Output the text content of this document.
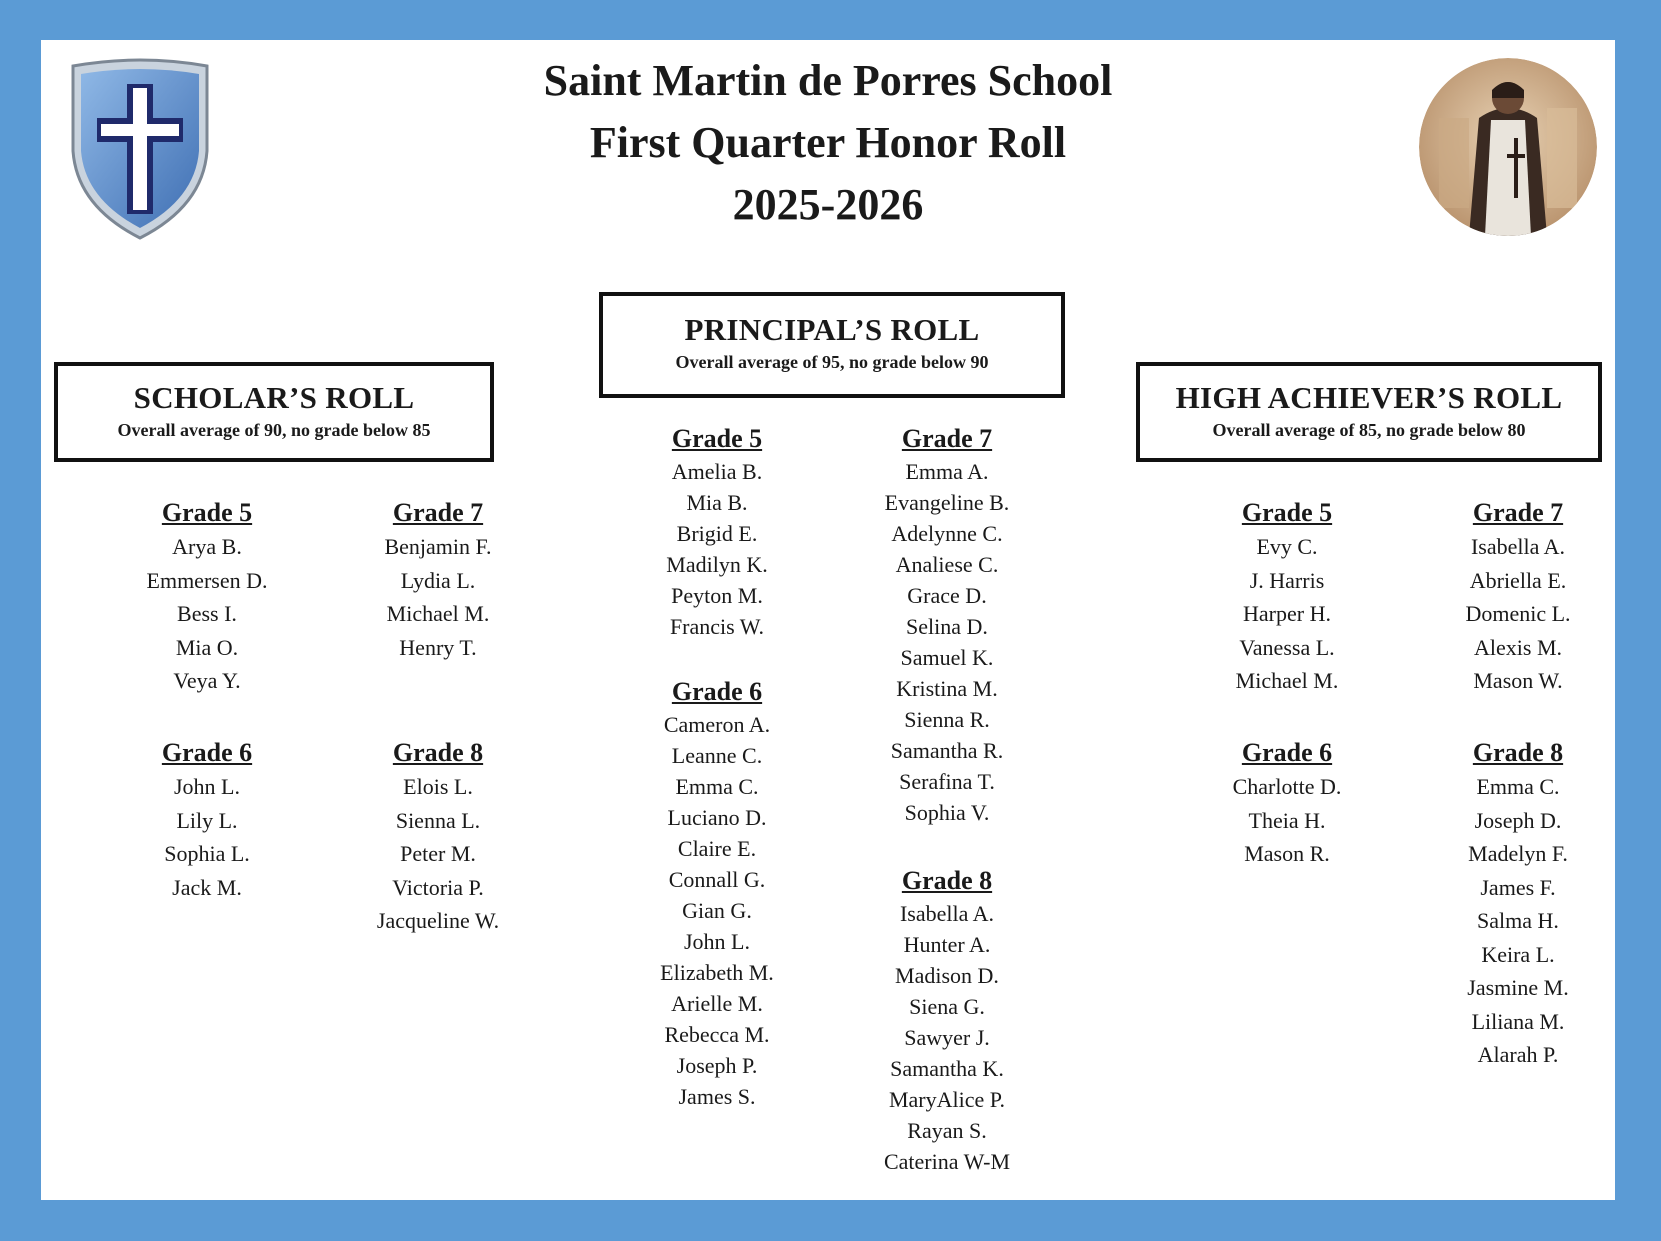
Saint Martin de Porres School
First Quarter Honor Roll
2025-2026
SCHOLAR’S ROLL
Overall average of 90, no grade below 85
Grade 5
Arya B.
Emmersen D.
Bess I.
Mia O.
Veya Y.
Grade 7
Benjamin F.
Lydia L.
Michael M.
Henry T.
Grade 6
John L.
Lily L.
Sophia L.
Jack M.
Grade 8
Elois L.
Sienna L.
Peter M.
Victoria P.
Jacqueline W.
PRINCIPAL’S ROLL
Overall average of 95, no grade below 90
Grade 5
Amelia B.
Mia B.
Brigid E.
Madilyn K.
Peyton M.
Francis W.
Grade 6
Cameron A.
Leanne C.
Emma C.
Luciano D.
Claire E.
Connall G.
Gian G.
John L.
Elizabeth M.
Arielle M.
Rebecca M.
Joseph P.
James S.
Grade 7
Emma A.
Evangeline B.
Adelynne C.
Analiese C.
Grace D.
Selina D.
Samuel K.
Kristina M.
Sienna R.
Samantha R.
Serafina T.
Sophia V.
Grade 8
Isabella A.
Hunter A.
Madison D.
Siena G.
Sawyer J.
Samantha K.
MaryAlice P.
Rayan S.
Caterina W-M
HIGH ACHIEVER’S ROLL
Overall average of 85, no grade below 80
Grade 5
Evy C.
J. Harris
Harper H.
Vanessa L.
Michael M.
Grade 7
Isabella A.
Abriella E.
Domenic L.
Alexis M.
Mason W.
Grade 6
Charlotte D.
Theia H.
Mason R.
Grade 8
Emma C.
Joseph D.
Madelyn F.
James F.
Salma H.
Keira L.
Jasmine M.
Liliana M.
Alarah P.
